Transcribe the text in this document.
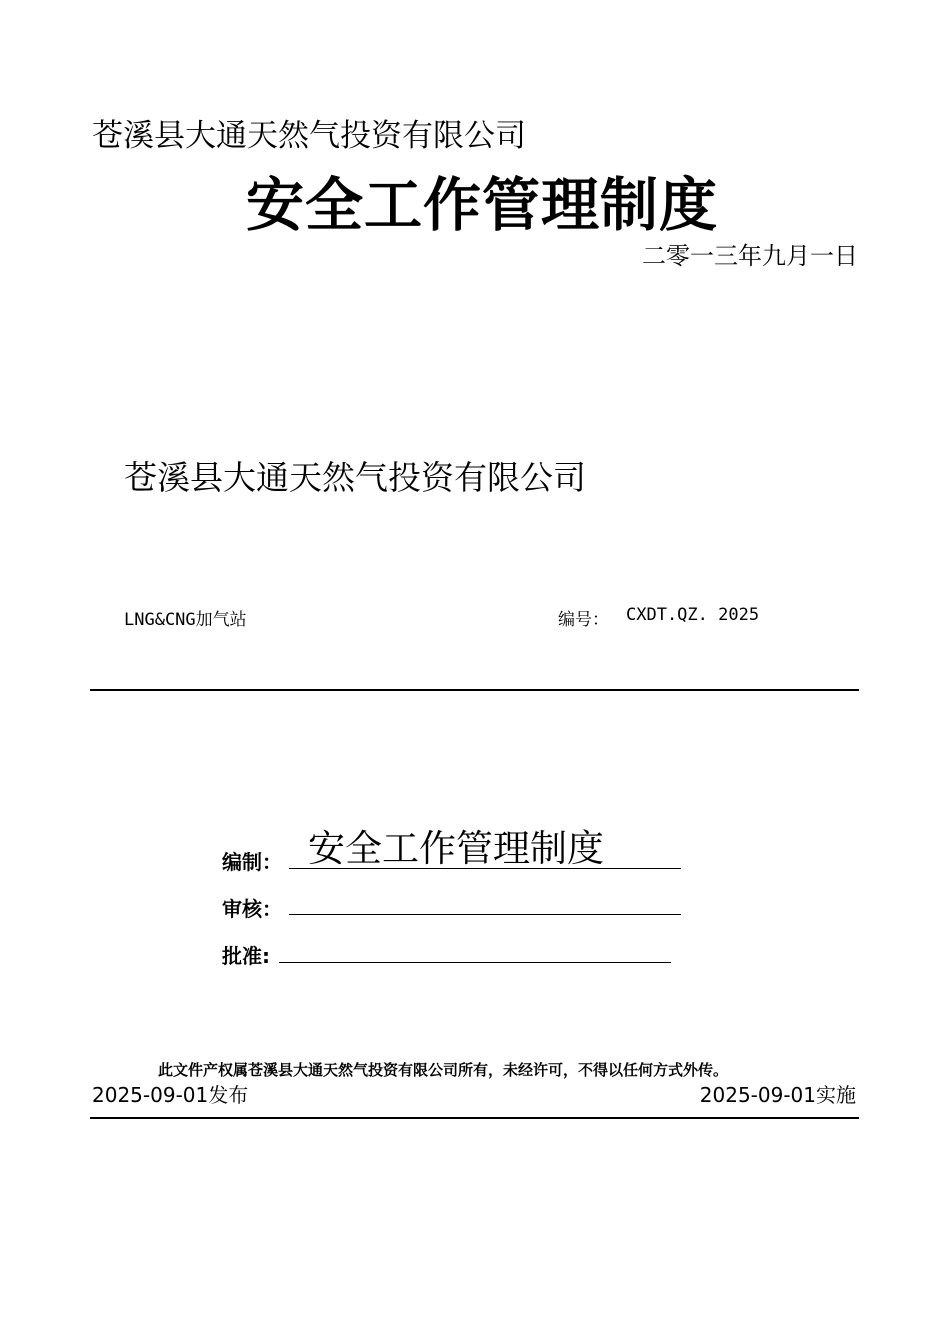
苍溪县大通天然气投资有限公司
安全工作管理制度
二零一三年九月一日
苍溪县大通天然气投资有限公司
LNG&CNG加气站	编号： CXDT.QZ. 2025
编制： 安全工作管理制度
审核：
批准:
此文件产权属苍溪县大通天然气投资有限公司所有，未经许可，不得以任何方式外传。
2025-09-01发布	2025-09-01实施
